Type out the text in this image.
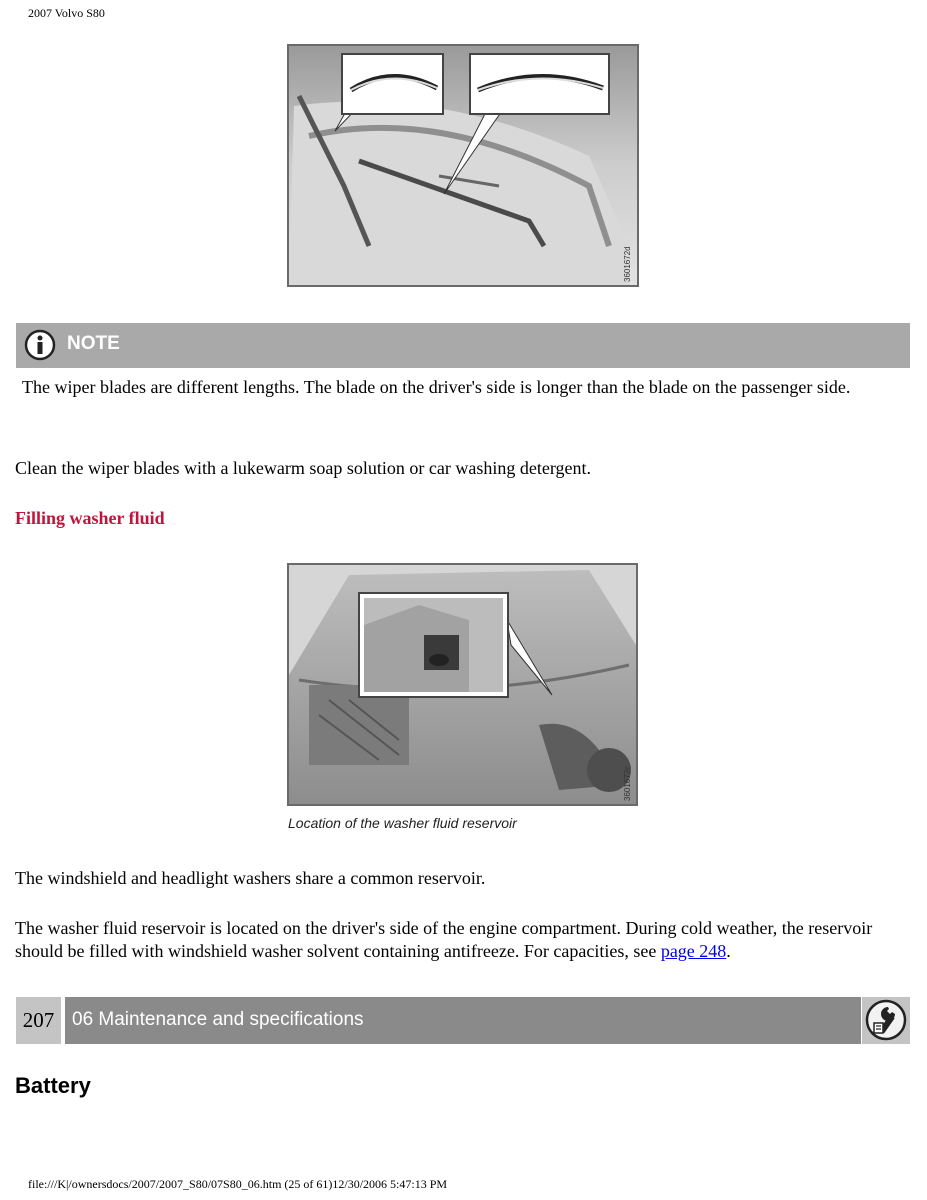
2007 Volvo S80
3601672d
NOTE
The wiper blades are different lengths. The blade on the driver's side is longer than the blade on the passenger side.
Clean the wiper blades with a lukewarm soap solution or car washing detergent.
Filling washer fluid
3601672c
Location of the washer fluid reservoir
The windshield and headlight washers share a common reservoir.
The washer fluid reservoir is located on the driver's side of the engine compartment. During cold weather, the reservoir should be filled with windshield washer solvent containing antifreeze. For capacities, see page 248.
207 06 Maintenance and specifications
Battery
file:///K|/ownersdocs/2007/2007_S80/07S80_06.htm (25 of 61)12/30/2006 5:47:13 PM
